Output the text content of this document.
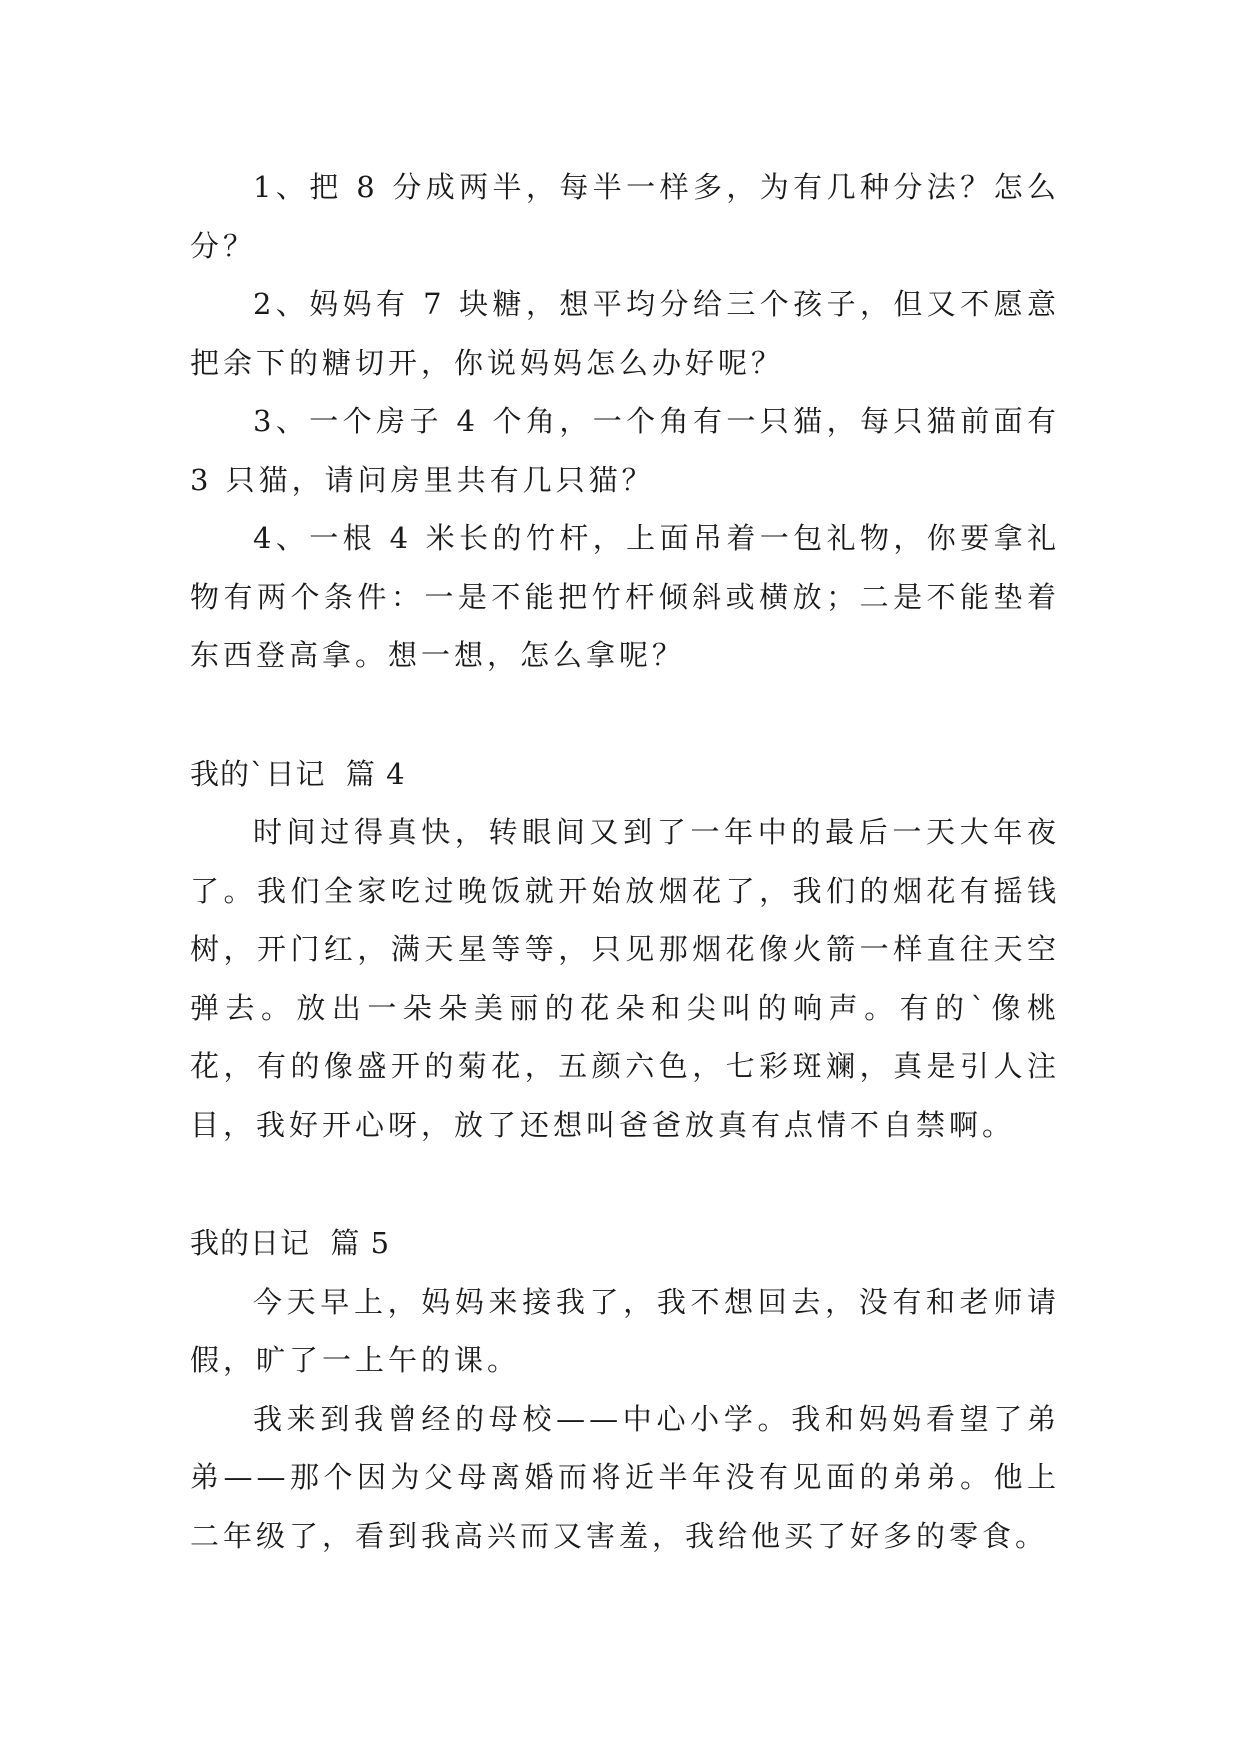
1、把 8 分成两半，每半一样多，为有几种分法？怎么分？

2、妈妈有 7 块糖，想平均分给三个孩子，但又不愿意把余下的糖切开，你说妈妈怎么办好呢？

3、一个房子 4 个角，一个角有一只猫，每只猫前面有 3 只猫，请问房里共有几只猫？

4、一根 4 米长的竹杆，上面吊着一包礼物，你要拿礼物有两个条件：一是不能把竹杆倾斜或横放；二是不能垫着东西登高拿。想一想，怎么拿呢？

我的`日记  篇 4

时间过得真快，转眼间又到了一年中的最后一天大年夜了。我们全家吃过晚饭就开始放烟花了，我们的烟花有摇钱树，开门红，满天星等等，只见那烟花像火箭一样直往天空弹去。放出一朵朵美丽的花朵和尖叫的响声。有的`像桃花，有的像盛开的菊花，五颜六色，七彩斑斓，真是引人注目，我好开心呀，放了还想叫爸爸放真有点情不自禁啊。

我的日记  篇 5

今天早上，妈妈来接我了，我不想回去，没有和老师请假，旷了一上午的课。

我来到我曾经的母校——中心小学。我和妈妈看望了弟弟——那个因为父母离婚而将近半年没有见面的弟弟。他上二年级了，看到我高兴而又害羞，我给他买了好多的零食。
